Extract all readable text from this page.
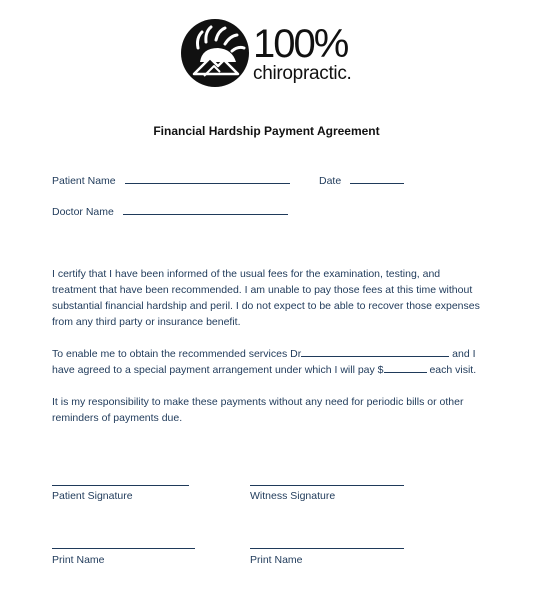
100%
chiropractic.
Financial Hardship Payment Agreement
Patient Name	Date
Doctor Name

I certify that I have been informed of the usual fees for the examination, testing, and

treatment that have been recommended. I am unable to pay those fees at this time without

substantial financial hardship and peril. I do not expect to be able to recover those expenses

from any third party or insurance benefit.

To enable me to obtain the recommended services Dr	and I

have agreed to a special payment arrangement under which I will pay $	each visit.

It is my responsibility to make these payments without any need for periodic bills or other

reminders of payments due.

Patient Signature	Witness Signature
Print Name	Print Name
